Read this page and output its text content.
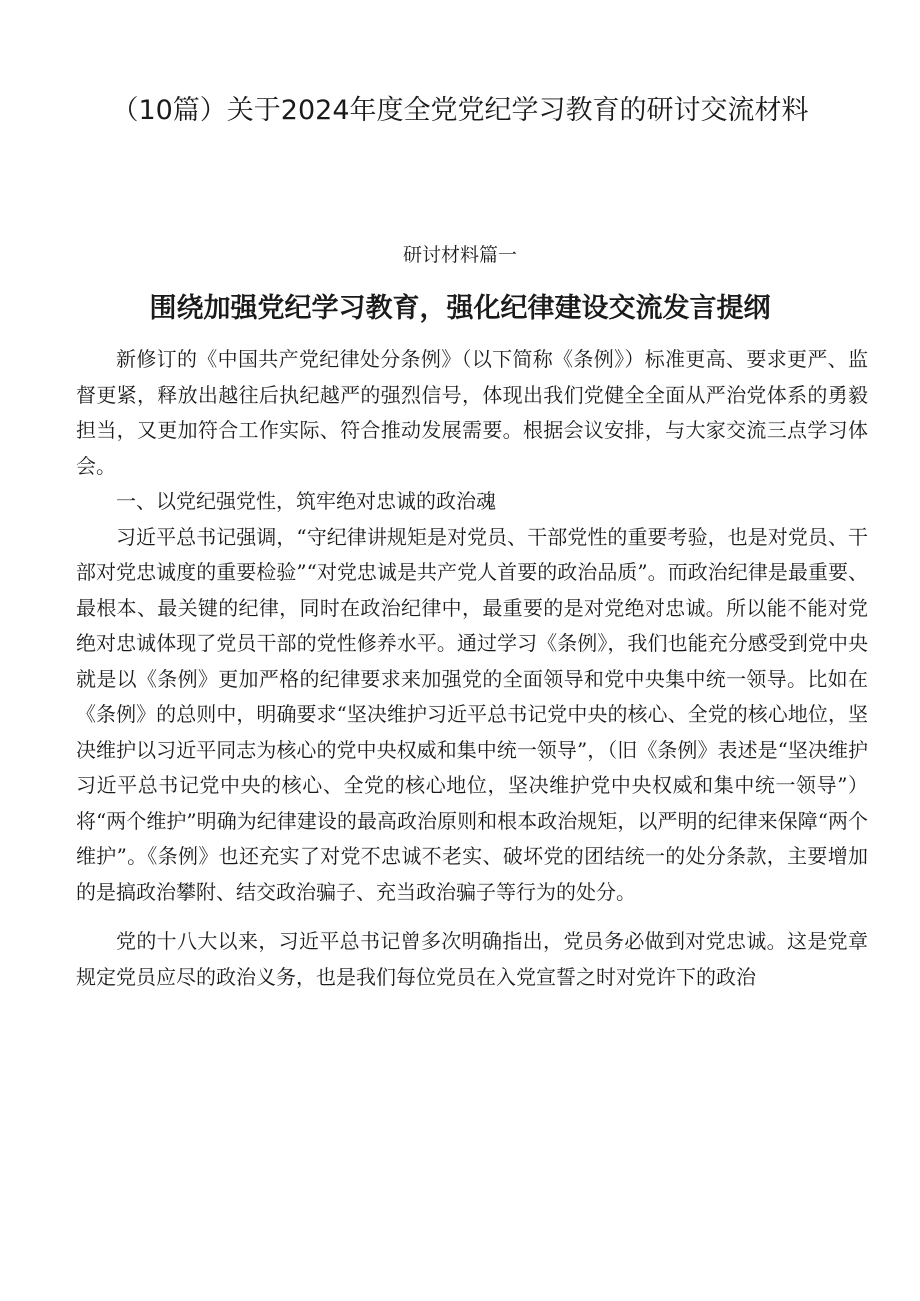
（10篇）关于2024年度全党党纪学习教育的研讨交流材料
研讨材料篇一
围绕加强党纪学习教育，强化纪律建设交流发言提纲

新修订的《中国共产党纪律处分条例》（以下简称《条例》）标准更高、要求更严、监督更紧，释放出越往后执纪越严的强烈信号，体现出我们党健全全面从严治党体系的勇毅担当，又更加符合工作实际、符合推动发展需要。根据会议安排，与大家交流三点学习体会。

一、以党纪强党性，筑牢绝对忠诚的政治魂

习近平总书记强调，“守纪律讲规矩是对党员、干部党性的重要考验，也是对党员、干部对党忠诚度的重要检验”“对党忠诚是共产党人首要的政治品质”。而政治纪律是最重要、最根本、最关键的纪律，同时在政治纪律中，最重要的是对党绝对忠诚。所以能不能对党绝对忠诚体现了党员干部的党性修养水平。通过学习《条例》，我们也能充分感受到党中央就是以《条例》更加严格的纪律要求来加强党的全面领导和党中央集中统一领导。比如在《条例》的总则中，明确要求“坚决维护习近平总书记党中央的核心、全党的核心地位，坚决维护以习近平同志为核心的党中央权威和集中统一领导”，（旧《条例》表述是“坚决维护习近平总书记党中央的核心、全党的核心地位，坚决维护党中央权威和集中统一领导”）将“两个维护”明确为纪律建设的最高政治原则和根本政治规矩，以严明的纪律来保障“两个维护”。《条例》也还充实了对党不忠诚不老实、破坏党的团结统一的处分条款，主要增加的是搞政治攀附、结交政治骗子、充当政治骗子等行为的处分。

党的十八大以来，习近平总书记曾多次明确指出，党员务必做到对党忠诚。这是党章规定党员应尽的政治义务，也是我们每位党员在入党宣誓之时对党许下的政治
